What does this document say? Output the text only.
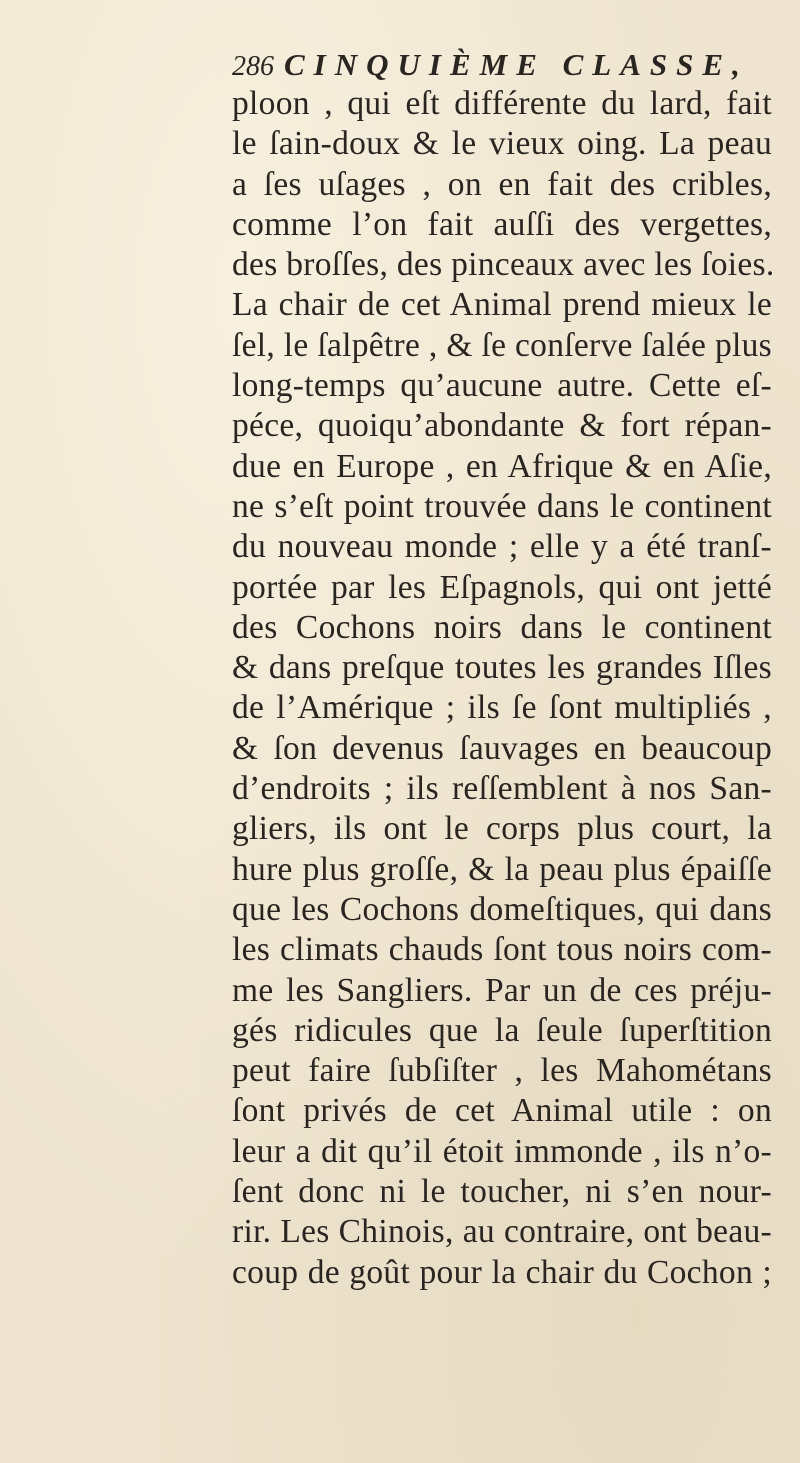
286 CINQUIÈME CLASSE,
ploon , qui eſt différente du lard, fait
le ſain-doux & le vieux oing. La peau
a ſes uſages , on en fait des cribles,
comme l’on fait auſſi des vergettes,
des broſſes, des pinceaux avec les ſoies.
La chair de cet Animal prend mieux le
ſel, le ſalpêtre , & ſe conſerve ſalée plus
long-temps qu’aucune autre. Cette eſ-
péce, quoiqu’abondante & fort répan-
due en Europe , en Afrique & en Aſie,
ne s’eſt point trouvée dans le continent
du nouveau monde ; elle y a été tranſ-
portée par les Eſpagnols, qui ont jetté
des Cochons noirs dans le continent
& dans preſque toutes les grandes Iſles
de l’Amérique ; ils ſe ſont multipliés ,
& ſon devenus ſauvages en beaucoup
d’endroits ; ils reſſemblent à nos San-
gliers, ils ont le corps plus court, la
hure plus groſſe, & la peau plus épaiſſe
que les Cochons domeſtiques, qui dans
les climats chauds ſont tous noirs com-
me les Sangliers. Par un de ces préju-
gés ridicules que la ſeule ſuperſtition
peut faire ſubſiſter , les Mahométans
ſont privés de cet Animal utile : on
leur a dit qu’il étoit immonde , ils n’o-
ſent donc ni le toucher, ni s’en nour-
rir. Les Chinois, au contraire, ont beau-
coup de goût pour la chair du Cochon ;
